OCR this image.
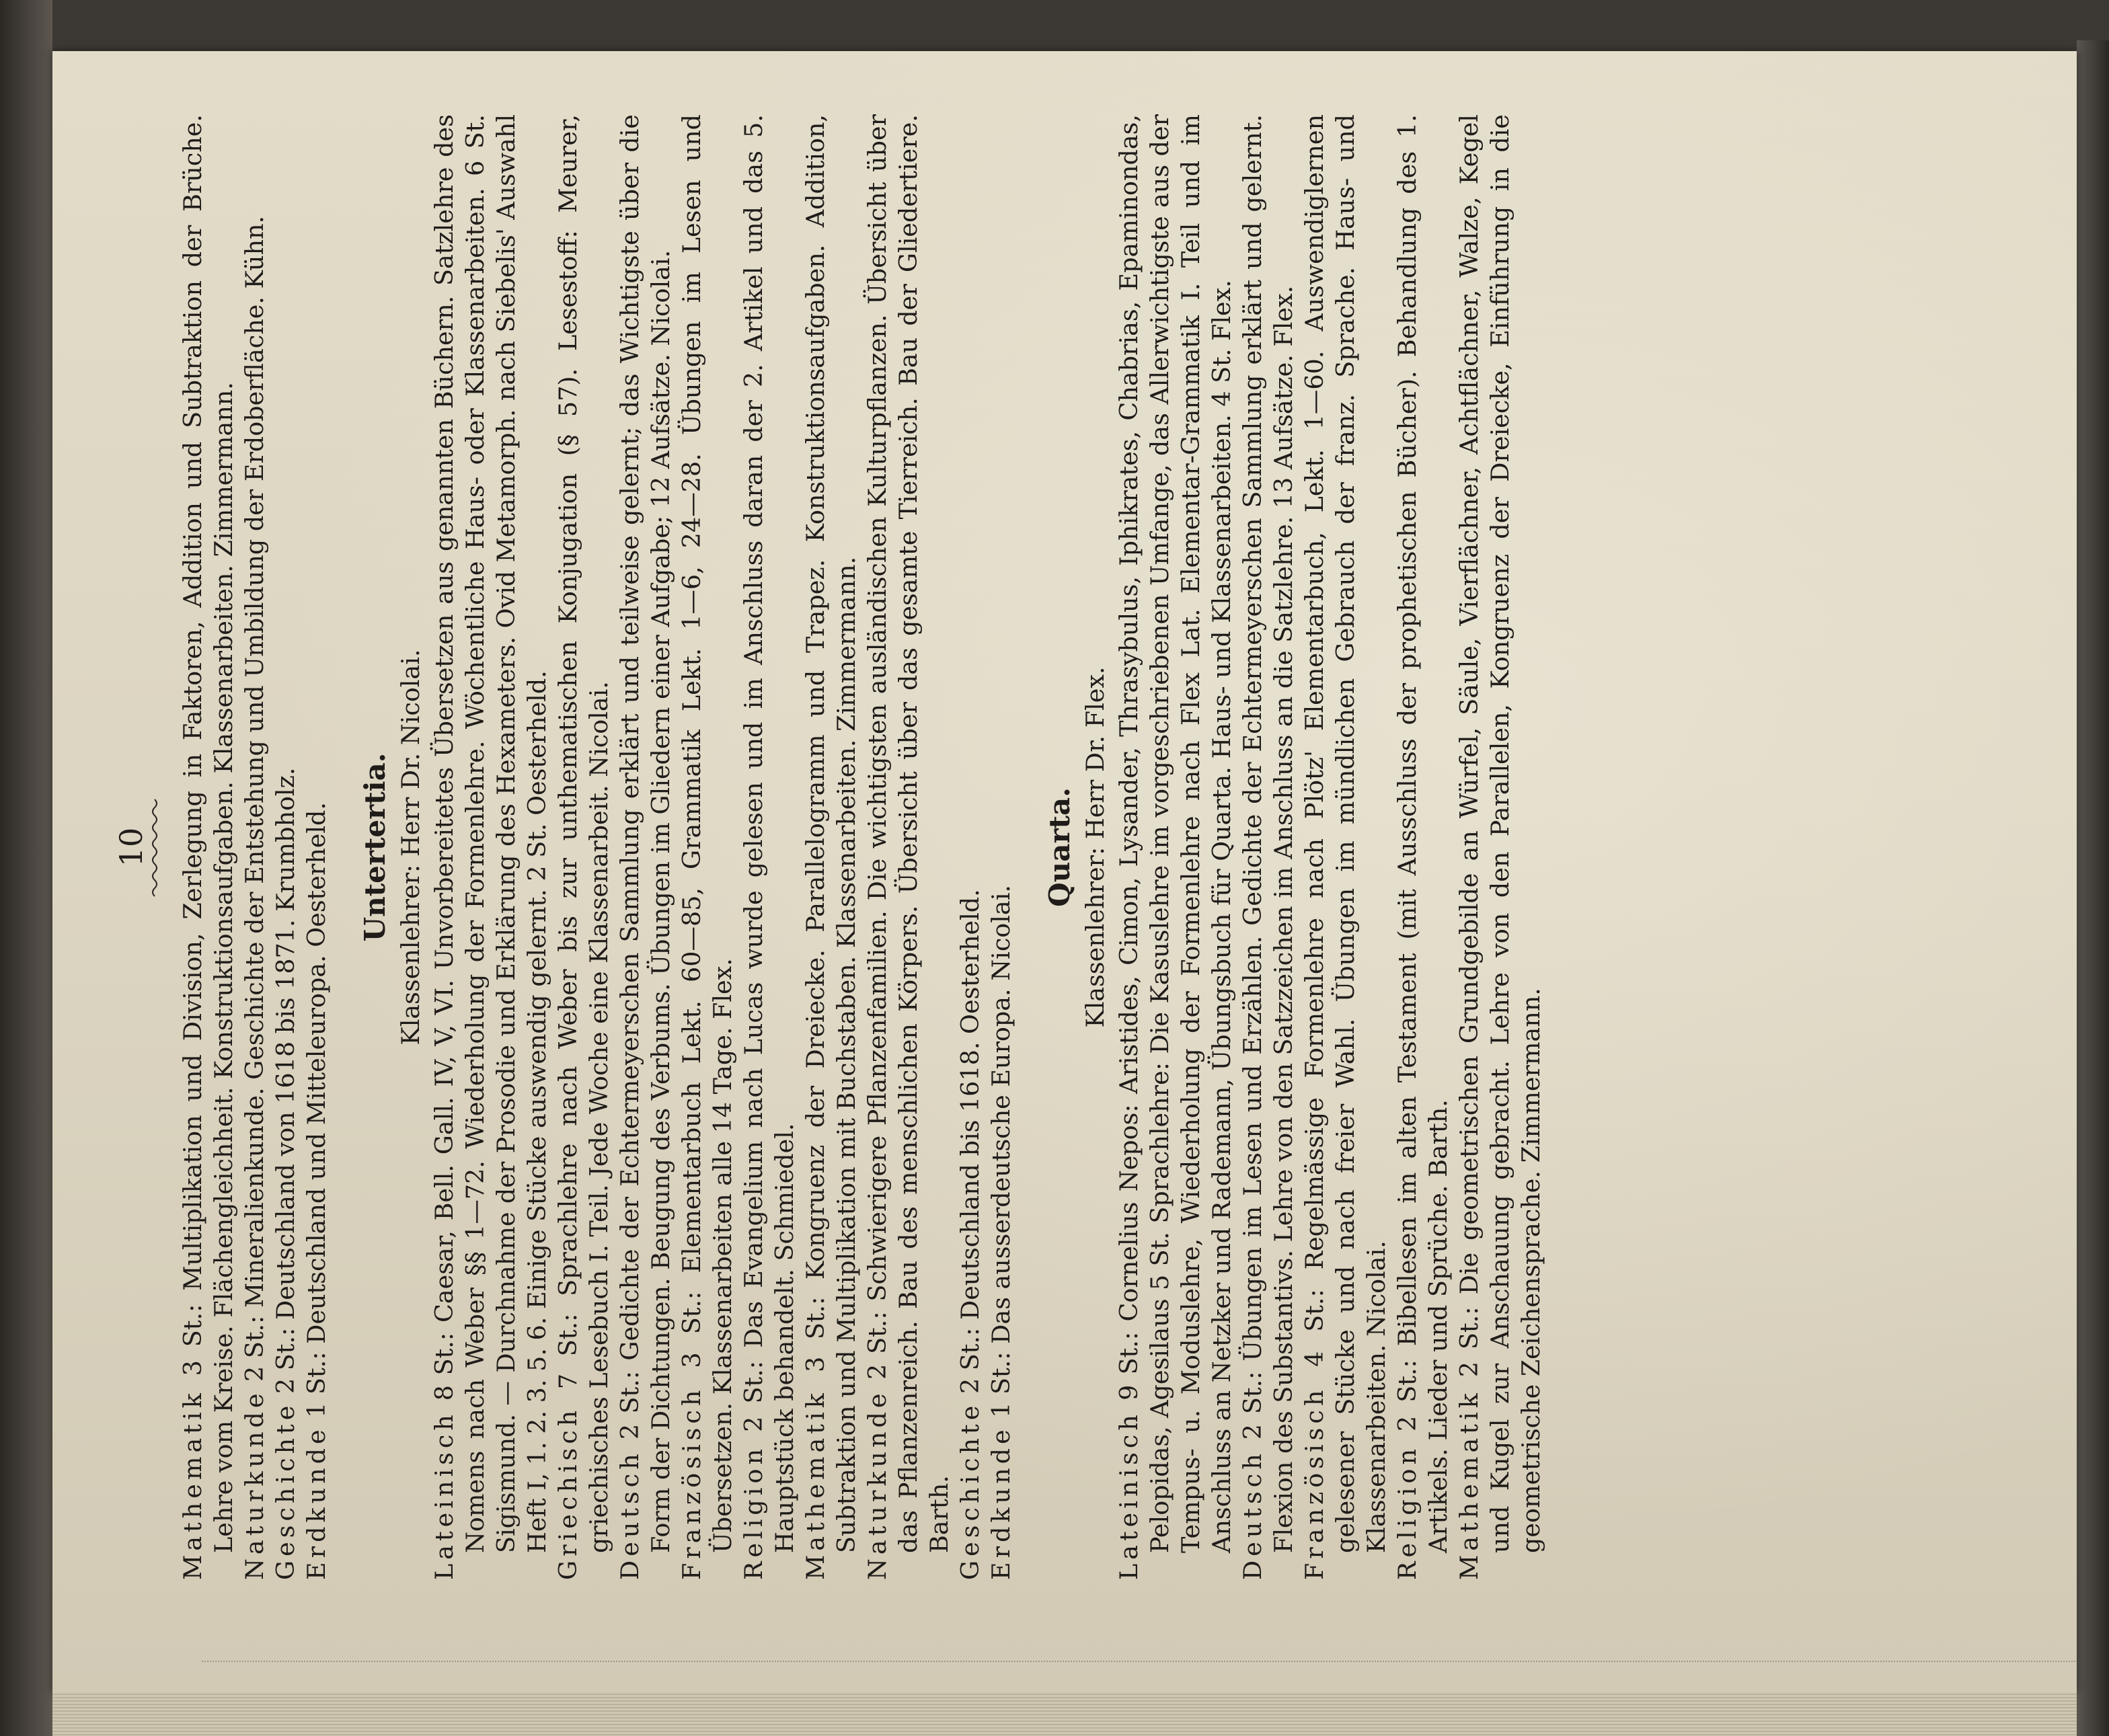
10

Mathematik 3 St.: Multiplikation und Division, Zerlegung in Faktoren, Addition und Subtraktion der Brüche. Lehre vom Kreise. Flächengleichheit. Konstruktionsaufgaben. Klassenarbeiten. Zimmermann. Naturkunde 2 St.: Mineralienkunde. Geschichte der Entstehung und Umbildung der Erdoberfläche. Kühn.

Geschichte 2 St.: Deutschland von 1618 bis 1871. Krumbholz.

Erdkunde 1 St.: Deutschland und Mitteleuropa. Oesterheld. Untertertia. Klassenlehrer: Herr Dr. Nicolai.

Lateinisch 8 St.: Caesar, Bell. Gall. IV, V, VI. Unvorbereitetes Übersetzen aus genannten Büchern. Satzlehre des Nomens nach Weber §§ 1—72. Wiederholung der Formenlehre. Wöchentliche Haus- oder Klassenarbeiten. 6 St. Sigismund. — Durchnahme der Prosodie und Erklärung des Hexameters. Ovid Metamorph. nach Siebelis' Auswahl Heft I, 1. 2. 3. 5. 6. Einige Stücke auswendig gelernt. 2 St. Oesterheld. Griechisch 7 St.: Sprachlehre nach Weber bis zur unthematischen Konjugation (§ 57). Lesestoff: Meurer, griechisches Lesebuch I. Teil. Jede Woche eine Klassenarbeit. Nicolai. Deutsch 2 St.: Gedichte der Echtermeyerschen Sammlung erklärt und teilweise gelernt; das Wichtigste über die Form der Dichtungen. Beugung des Verbums. Übungen im Gliedern einer Aufgabe; 12 Aufsätze. Nicolai. Französisch 3 St.: Elementarbuch Lekt. 60—85, Grammatik Lekt. 1—6, 24—28. Übungen im Lesen und Übersetzen. Klassenarbeiten alle 14 Tage. Flex. Religion 2 St.: Das Evangelium nach Lucas wurde gelesen und im Anschluss daran der 2. Artikel und das 5. Hauptstück behandelt. Schmiedel. Mathematik 3 St.: Kongruenz der Dreiecke. Parallelogramm und Trapez. Konstruktionsaufgaben. Addition, Subtraktion und Multiplikation mit Buchstaben. Klassenarbeiten. Zimmermann. Naturkunde 2 St.: Schwierigere Pflanzenfamilien. Die wichtigsten ausländischen Kulturpflanzen. Übersicht über das Pflanzenreich. Bau des menschlichen Körpers. Übersicht über das gesamte Tierreich. Bau der Gliedertiere. Barth. Geschichte 2 St.: Deutschland bis 1618. Oesterheld.

Erdkunde 1 St.: Das ausserdeutsche Europa. Nicolai.

Quarta. Klassenlehrer: Herr Dr. Flex.

Lateinisch 9 St.: Cornelius Nepos: Aristides, Cimon, Lysander, Thrasybulus, Iphikrates, Chabrias, Epaminondas, Pelopidas, Agesilaus 5 St. Sprachlehre: Die Kasuslehre im vorgeschriebenen Umfange, das Allerwichtigste aus der Tempus- u. Moduslehre, Wiederholung der Formenlehre nach Flex Lat. Elementar-Grammatik I. Teil und im Anschluss an Netzker und Rademann, Übungsbuch für Quarta. Haus- und Klassenarbeiten. 4 St. Flex. Deutsch 2 St.: Übungen im Lesen und Erzählen. Gedichte der Echtermeyerschen Sammlung erklärt und gelernt. Flexion des Substantivs. Lehre von den Satzzeichen im Anschluss an die Satzlehre. 13 Aufsätze. Flex. Französisch 4 St.: Regelmässige Formenlehre nach Plötz' Elementarbuch, Lekt. 1—60. Auswendiglernen gelesener Stücke und nach freier Wahl. Übungen im mündlichen Gebrauch der franz. Sprache. Haus- und Klassenarbeiten. Nicolai. Religion 2 St.: Bibellesen im alten Testament (mit Ausschluss der prophetischen Bücher). Behandlung des 1. Artikels. Lieder und Sprüche. Barth. Mathematik 2 St.: Die geometrischen Grundgebilde an Würfel, Säule, Vierflächner, Achtflächner, Walze, Kegel und Kugel zur Anschauung gebracht. Lehre von den Parallelen, Kongruenz der Dreiecke, Einführung in die geometrische Zeichensprache. Zimmermann.
